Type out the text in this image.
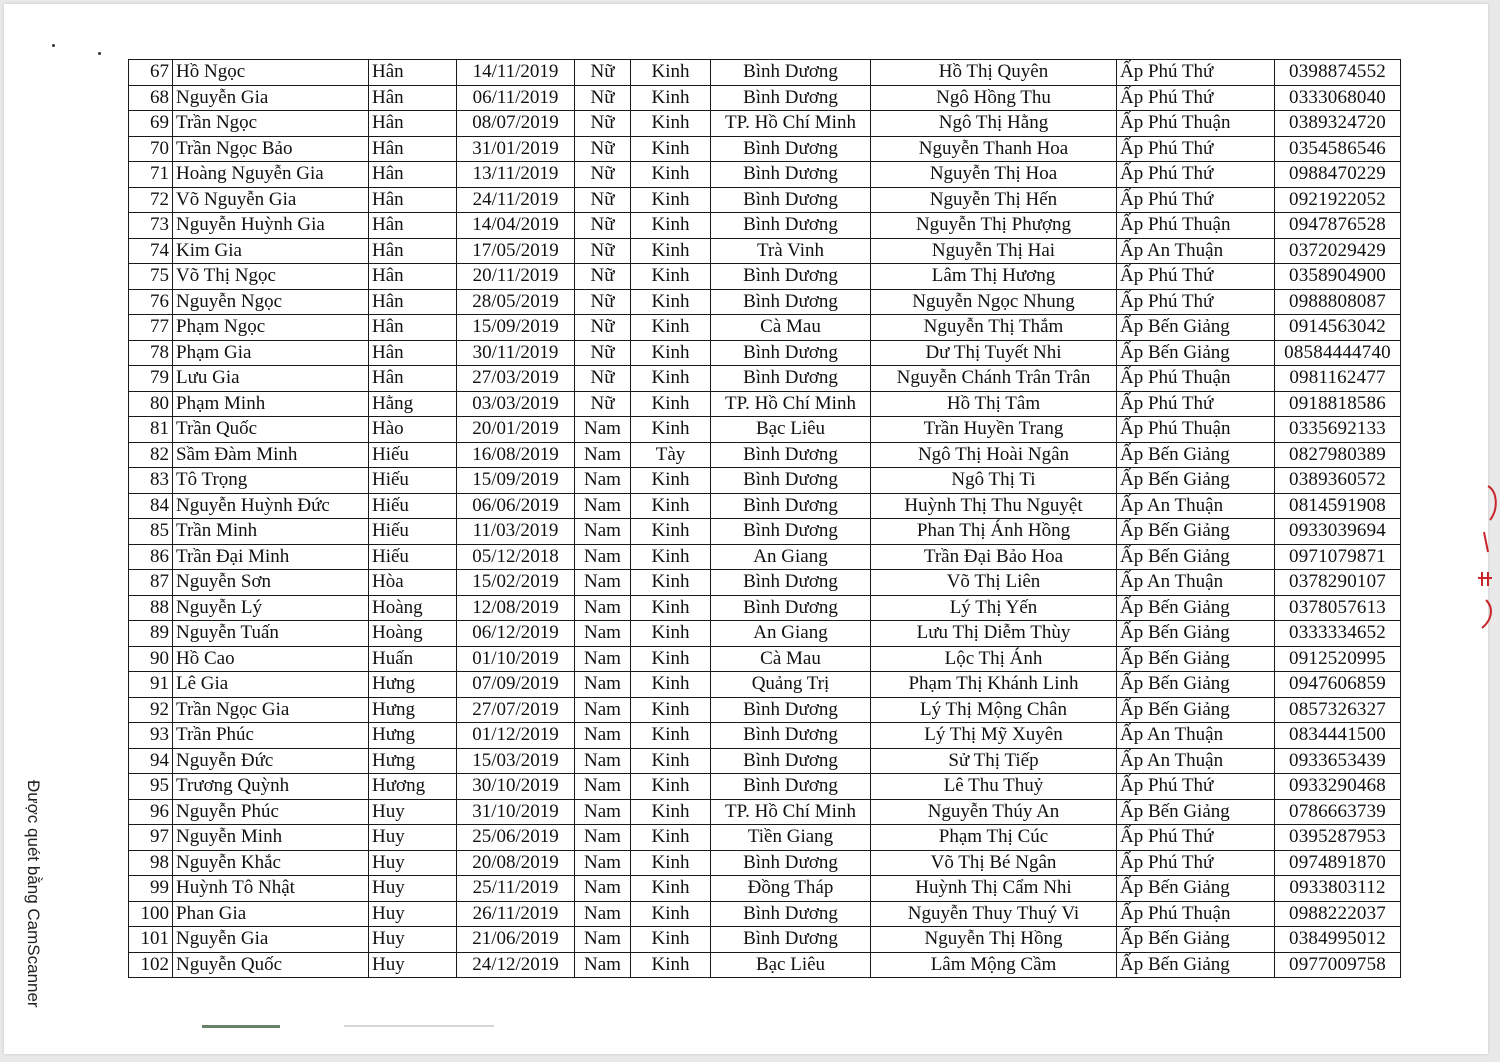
67	Hồ Ngọc	Hân	14/11/2019	Nữ	Kinh	Bình Dương	Hồ Thị Quyên	Ấp Phú Thứ	0398874552
68	Nguyễn Gia	Hân	06/11/2019	Nữ	Kinh	Bình Dương	Ngô Hồng Thu	Ấp Phú Thứ	0333068040
69	Trần Ngọc	Hân	08/07/2019	Nữ	Kinh	TP. Hồ Chí Minh	Ngô Thị Hằng	Ấp Phú Thuận	0389324720
70	Trần Ngọc Bảo	Hân	31/01/2019	Nữ	Kinh	Bình Dương	Nguyễn Thanh Hoa	Ấp Phú Thứ	0354586546
71	Hoàng Nguyễn Gia	Hân	13/11/2019	Nữ	Kinh	Bình Dương	Nguyễn Thị Hoa	Ấp Phú Thứ	0988470229
72	Võ Nguyễn Gia	Hân	24/11/2019	Nữ	Kinh	Bình Dương	Nguyễn Thị Hến	Ấp Phú Thứ	0921922052
73	Nguyễn Huỳnh Gia	Hân	14/04/2019	Nữ	Kinh	Bình Dương	Nguyễn Thị Phượng	Ấp Phú Thuận	0947876528
74	Kim Gia	Hân	17/05/2019	Nữ	Kinh	Trà Vinh	Nguyễn Thị Hai	Ấp An Thuận	0372029429
75	Võ Thị Ngọc	Hân	20/11/2019	Nữ	Kinh	Bình Dương	Lâm Thị Hương	Ấp Phú Thứ	0358904900
76	Nguyễn Ngọc	Hân	28/05/2019	Nữ	Kinh	Bình Dương	Nguyễn Ngọc Nhung	Ấp Phú Thứ	0988808087
77	Phạm Ngọc	Hân	15/09/2019	Nữ	Kinh	Cà Mau	Nguyễn Thị Thắm	Ấp Bến Giảng	0914563042
78	Phạm Gia	Hân	30/11/2019	Nữ	Kinh	Bình Dương	Dư Thị Tuyết Nhi	Ấp Bến Giảng	08584444740
79	Lưu Gia	Hân	27/03/2019	Nữ	Kinh	Bình Dương	Nguyễn Chánh Trân Trân	Ấp Phú Thuận	0981162477
80	Phạm Minh	Hằng	03/03/2019	Nữ	Kinh	TP. Hồ Chí Minh	Hồ Thị Tâm	Ấp Phú Thứ	0918818586
81	Trần Quốc	Hào	20/01/2019	Nam	Kinh	Bạc Liêu	Trần Huyền Trang	Ấp Phú Thuận	0335692133
82	Sầm Đàm Minh	Hiếu	16/08/2019	Nam	Tày	Bình Dương	Ngô Thị Hoài Ngân	Ấp Bến Giảng	0827980389
83	Tô Trọng	Hiếu	15/09/2019	Nam	Kinh	Bình Dương	Ngô Thị Ti	Ấp Bến Giảng	0389360572
84	Nguyễn Huỳnh Đức	Hiếu	06/06/2019	Nam	Kinh	Bình Dương	Huỳnh Thị Thu Nguyệt	Ấp An Thuận	0814591908
85	Trần Minh	Hiếu	11/03/2019	Nam	Kinh	Bình Dương	Phan Thị Ánh Hồng	Ấp Bến Giảng	0933039694
86	Trần Đại Minh	Hiếu	05/12/2018	Nam	Kinh	An Giang	Trần Đại Bảo Hoa	Ấp Bến Giảng	0971079871
87	Nguyễn Sơn	Hòa	15/02/2019	Nam	Kinh	Bình Dương	Võ Thị Liên	Ấp An Thuận	0378290107
88	Nguyễn Lý	Hoàng	12/08/2019	Nam	Kinh	Bình Dương	Lý Thị Yến	Ấp Bến Giảng	0378057613
89	Nguyễn Tuấn	Hoàng	06/12/2019	Nam	Kinh	An Giang	Lưu Thị Diễm Thùy	Ấp Bến Giảng	0333334652
90	Hồ Cao	Huấn	01/10/2019	Nam	Kinh	Cà Mau	Lộc Thị Ánh	Ấp Bến Giảng	0912520995
91	Lê Gia	Hưng	07/09/2019	Nam	Kinh	Quảng Trị	Phạm Thị Khánh Linh	Ấp Bến Giảng	0947606859
92	Trần Ngọc Gia	Hưng	27/07/2019	Nam	Kinh	Bình Dương	Lý Thị Mộng Chân	Ấp Bến Giảng	0857326327
93	Trần Phúc	Hưng	01/12/2019	Nam	Kinh	Bình Dương	Lý Thị Mỹ Xuyên	Ấp An Thuận	0834441500
94	Nguyễn Đức	Hưng	15/03/2019	Nam	Kinh	Bình Dương	Sử Thị Tiếp	Ấp An Thuận	0933653439
95	Trương Quỳnh	Hương	30/10/2019	Nam	Kinh	Bình Dương	Lê Thu Thuỷ	Ấp Phú Thứ	0933290468
96	Nguyễn Phúc	Huy	31/10/2019	Nam	Kinh	TP. Hồ Chí Minh	Nguyễn Thúy An	Ấp Bến Giảng	0786663739
97	Nguyễn Minh	Huy	25/06/2019	Nam	Kinh	Tiền Giang	Phạm Thị Cúc	Ấp Phú Thứ	0395287953
98	Nguyễn Khắc	Huy	20/08/2019	Nam	Kinh	Bình Dương	Võ Thị Bé Ngân	Ấp Phú Thứ	0974891870
99	Huỳnh Tô Nhật	Huy	25/11/2019	Nam	Kinh	Đồng Tháp	Huỳnh Thị Cẩm Nhi	Ấp Bến Giảng	0933803112
100	Phan Gia	Huy	26/11/2019	Nam	Kinh	Bình Dương	Nguyễn Thuy Thuý Vi	Ấp Phú Thuận	0988222037
101	Nguyễn Gia	Huy	21/06/2019	Nam	Kinh	Bình Dương	Nguyễn Thị Hồng	Ấp Bến Giảng	0384995012
102	Nguyễn Quốc	Huy	24/12/2019	Nam	Kinh	Bạc Liêu	Lâm Mộng Cầm	Ấp Bến Giảng	0977009758
Được quét bằng CamScanner
